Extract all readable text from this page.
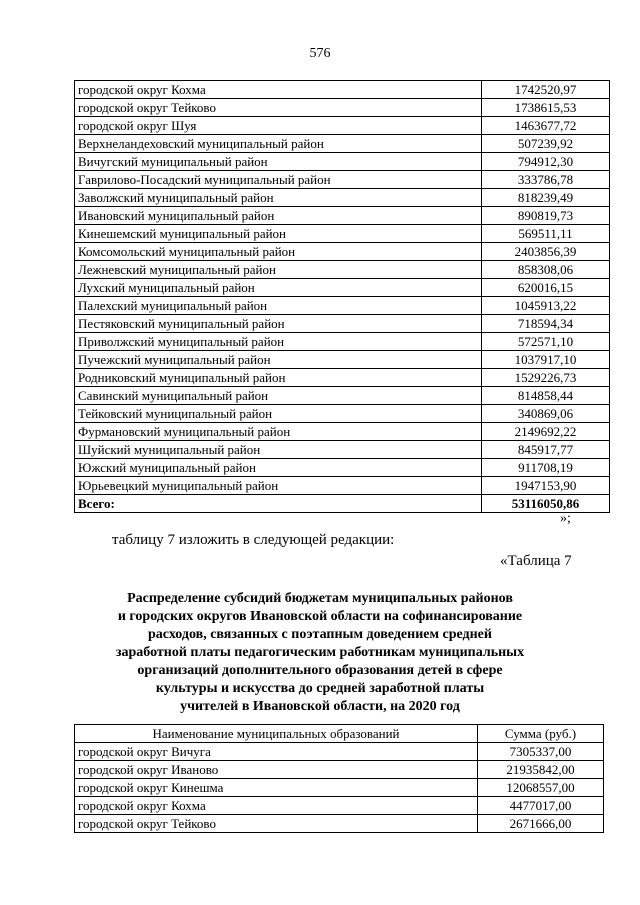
576
городской округ Кохма	1742520,97
городской округ Тейково	1738615,53
городской округ Шуя	1463677,72
Верхнеландеховский муниципальный район	507239,92
Вичугский муниципальный район	794912,30
Гаврилово-Посадский муниципальный район	333786,78
Заволжский муниципальный район	818239,49
Ивановский муниципальный район	890819,73
Кинешемский муниципальный район	569511,11
Комсомольский муниципальный район	2403856,39
Лежневский муниципальный район	858308,06
Лухский муниципальный район	620016,15
Палехский муниципальный район	1045913,22
Пестяковский муниципальный район	718594,34
Приволжский муниципальный район	572571,10
Пучежский муниципальный район	1037917,10
Родниковский муниципальный район	1529226,73
Савинский муниципальный район	814858,44
Тейковский муниципальный район	340869,06
Фурмановский муниципальный район	2149692,22
Шуйский муниципальный район	845917,77
Южский муниципальный район	911708,19
Юрьевецкий муниципальный район	1947153,90
Всего:	53116050,86
»;
таблицу 7 изложить в следующей редакции:
«Таблица 7
Распределение субсидий бюджетам муниципальных районов
и городских округов Ивановской области на софинансирование
расходов, связанных с поэтапным доведением средней
заработной платы педагогическим работникам муниципальных
организаций дополнительного образования детей в сфере
культуры и искусства до средней заработной платы
учителей в Ивановской области, на 2020 год
Наименование муниципальных образований	Сумма (руб.)
городской округ Вичуга	7305337,00
городской округ Иваново	21935842,00
городской округ Кинешма	12068557,00
городской округ Кохма	4477017,00
городской округ Тейково	2671666,00
